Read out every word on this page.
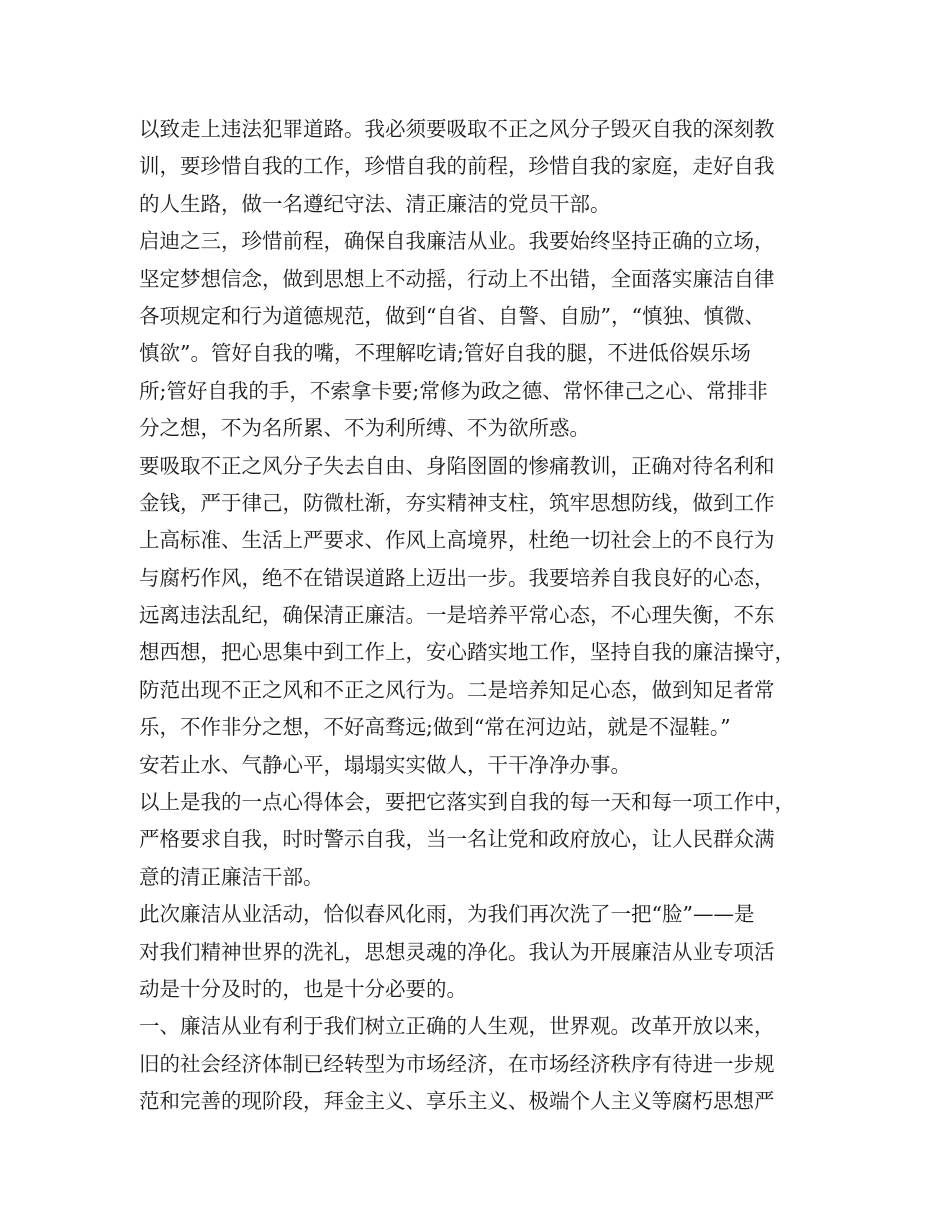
以致走上违法犯罪道路。我必须要吸取不正之风分子毁灭自我的深刻教
训，要珍惜自我的工作，珍惜自我的前程，珍惜自我的家庭，走好自我
的人生路，做一名遵纪守法、清正廉洁的党员干部。
启迪之三，珍惜前程，确保自我廉洁从业。我要始终坚持正确的立场，
坚定梦想信念，做到思想上不动摇，行动上不出错，全面落实廉洁自律
各项规定和行为道德规范，做到“自省、自警、自励”，“慎独、慎微、
慎欲”。管好自我的嘴，不理解吃请;管好自我的腿，不进低俗娱乐场
所;管好自我的手，不索拿卡要;常修为政之德、常怀律己之心、常排非
分之想，不为名所累、不为利所缚、不为欲所惑。
要吸取不正之风分子失去自由、身陷囹圄的惨痛教训，正确对待名利和
金钱，严于律己，防微杜渐，夯实精神支柱，筑牢思想防线，做到工作
上高标准、生活上严要求、作风上高境界，杜绝一切社会上的不良行为
与腐朽作风，绝不在错误道路上迈出一步。我要培养自我良好的心态，
远离违法乱纪，确保清正廉洁。一是培养平常心态，不心理失衡，不东
想西想，把心思集中到工作上，安心踏实地工作，坚持自我的廉洁操守，
防范出现不正之风和不正之风行为。二是培养知足心态，做到知足者常
乐，不作非分之想，不好高骛远;做到“常在河边站，就是不湿鞋。”
安若止水、气静心平，塌塌实实做人，干干净净办事。
以上是我的一点心得体会，要把它落实到自我的每一天和每一项工作中，
严格要求自我，时时警示自我，当一名让党和政府放心，让人民群众满
意的清正廉洁干部。
此次廉洁从业活动，恰似春风化雨，为我们再次洗了一把“脸”——是
对我们精神世界的洗礼，思想灵魂的净化。我认为开展廉洁从业专项活
动是十分及时的，也是十分必要的。
一、廉洁从业有利于我们树立正确的人生观，世界观。改革开放以来，
旧的社会经济体制已经转型为市场经济，在市场经济秩序有待进一步规
范和完善的现阶段，拜金主义、享乐主义、极端个人主义等腐朽思想严
